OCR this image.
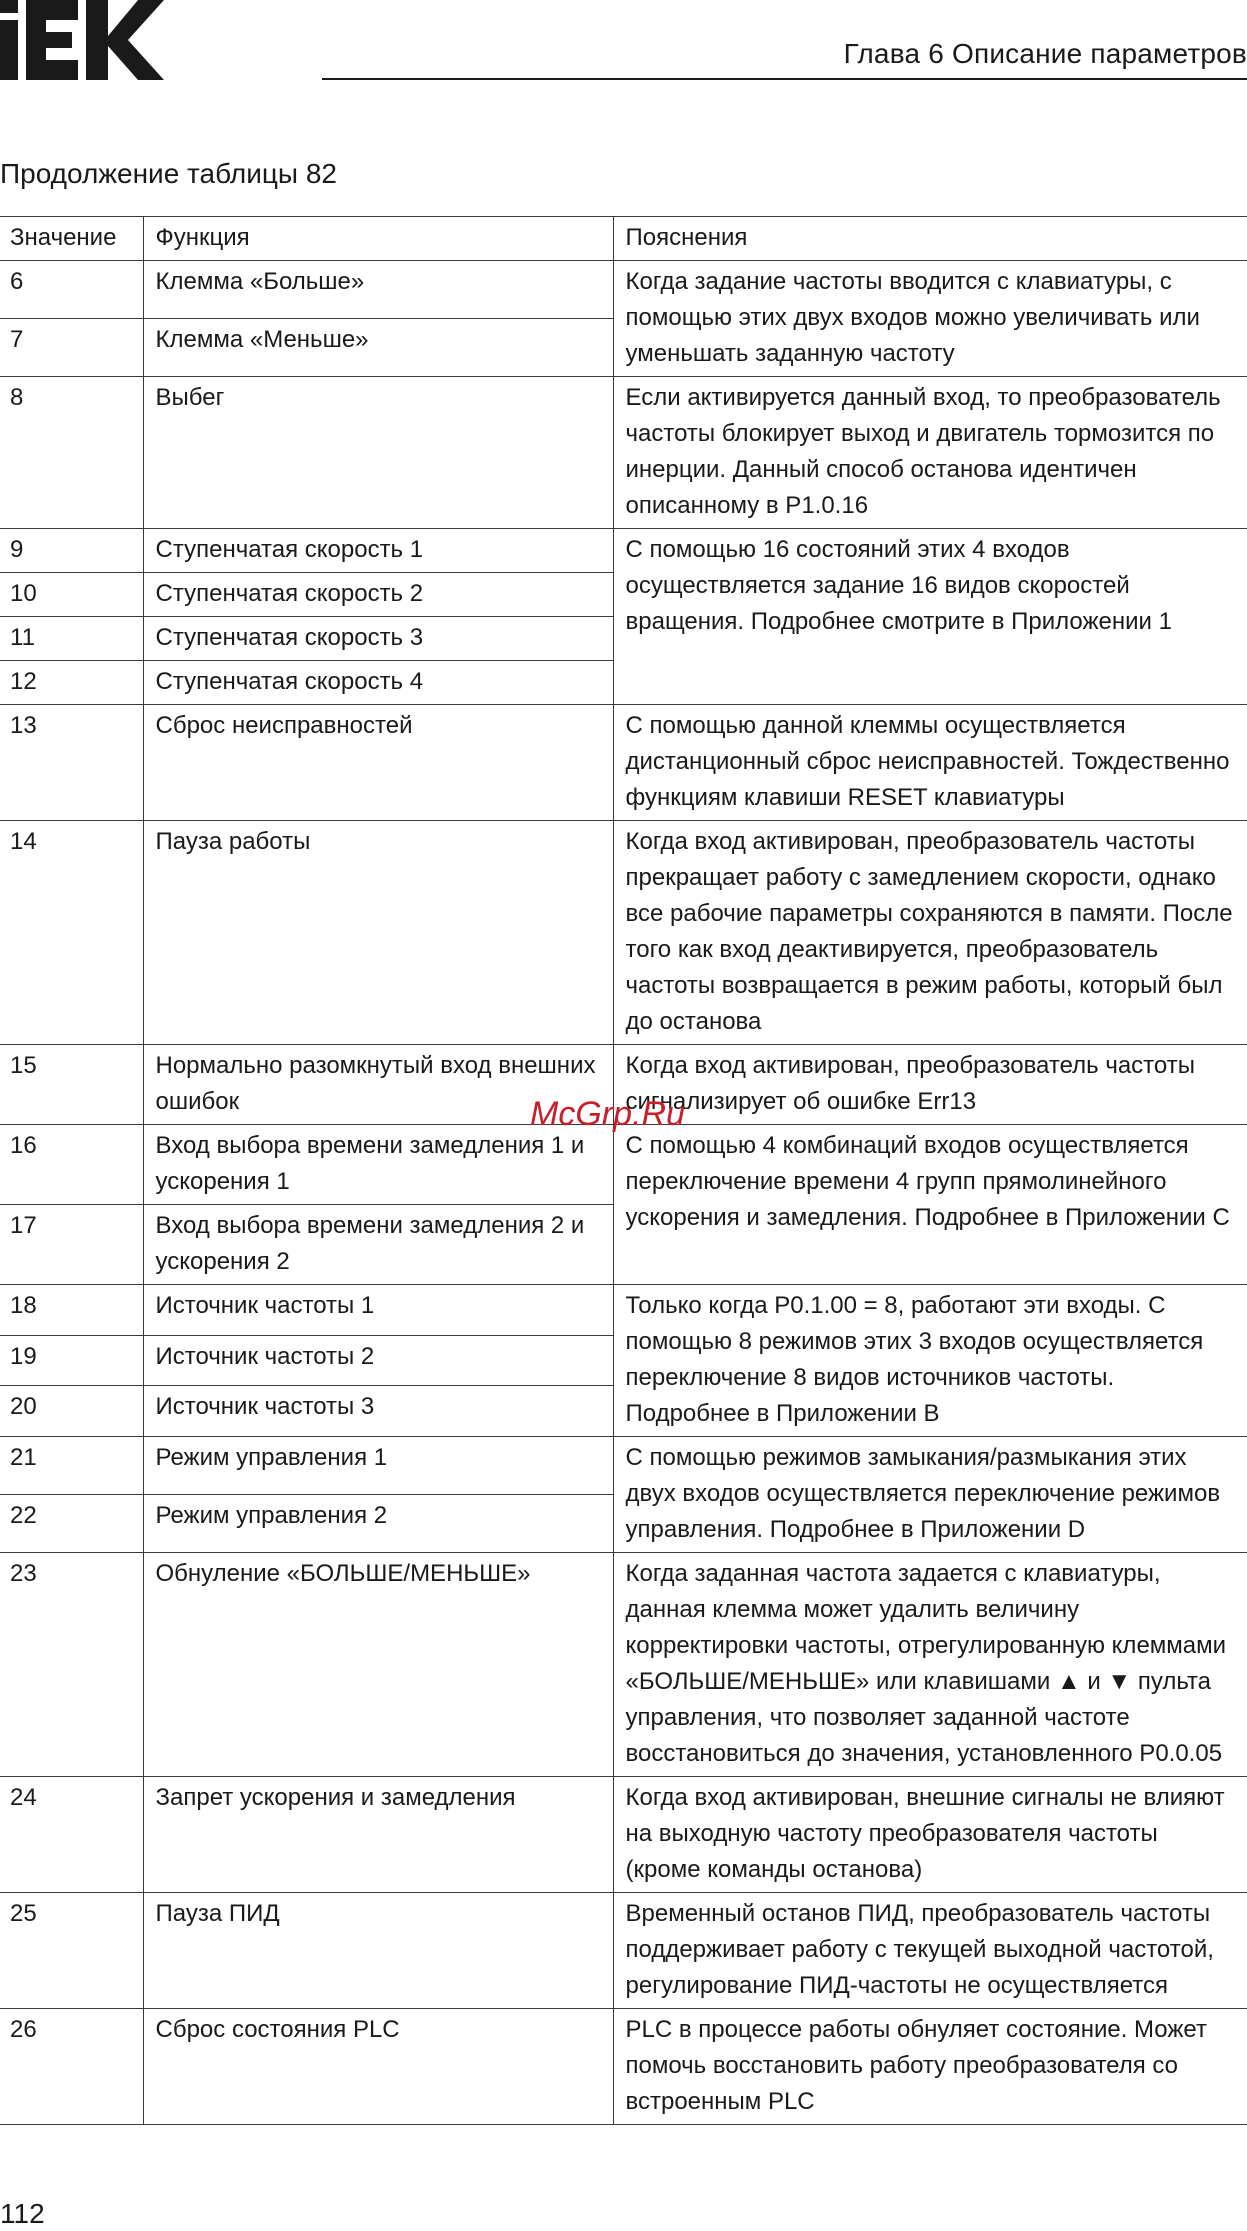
Глава 6 Описание параметров
Продолжение таблицы 82
Значение	Функция	Пояснения
6	Клемма «Больше»	Когда задание частоты вводится с клавиатуры, с помощью этих двух входов можно увеличивать или уменьшать заданную частоту
7	Клемма «Меньше»	
8	Выбег	Если активируется данный вход, то преобразователь частоты блокирует выход и двигатель тормозится по инерции. Данный способ останова идентичен описанному в P1.0.16
9	Ступенчатая скорость 1	С помощью 16 состояний этих 4 входов осуществляется задание 16 видов скоростей вращения. Подробнее смотрите в Приложении 1
10	Ступенчатая скорость 2	
11	Ступенчатая скорость 3	
12	Ступенчатая скорость 4	
13	Сброс неисправностей	С помощью данной клеммы осуществляется дистанционный сброс неисправностей. Тождественно функциям клавиши RESET клавиатуры
14	Пауза работы	Когда вход активирован, преобразователь частоты прекращает работу с замедлением скорости, однако все рабочие параметры сохраняются в памяти. После того как вход деактивируется, преобразователь частоты возвращается в режим работы, который был до останова
15	Нормально разомкнутый вход внешних ошибок	Когда вход активирован, преобразователь частоты сигнализирует об ошибке Err13
16	Вход выбора времени замедления 1 и ускорения 1	С помощью 4 комбинаций входов осуществляется переключение времени 4 групп прямолинейного ускорения и замедления. Подробнее в Приложении С
17	Вход выбора времени замедления 2 и ускорения 2	
18	Источник частоты 1	Только когда P0.1.00 = 8, работают эти входы. С помощью 8 режимов этих 3 входов осуществляется переключение 8 видов источников частоты. Подробнее в Приложении B
19	Источник частоты 2	
20	Источник частоты 3	
21	Режим управления 1	С помощью режимов замыкания/размыкания этих двух входов осуществляется переключение режимов управления. Подробнее в Приложении D
22	Режим управления 2	
23	Обнуление «БОЛЬШЕ/МЕНЬШЕ»	Когда заданная частота задается с клавиатуры, данная клемма может удалить величину корректировки частоты, отрегулированную клеммами «БОЛЬШЕ/МЕНЬШЕ» или клавишами ▲ и ▼ пульта управления, что позволяет заданной частоте восстановиться до значения, установленного P0.0.05
24	Запрет ускорения и замедления	Когда вход активирован, внешние сигналы не влияют на выходную частоту преобразователя частоты (кроме команды останова)
25	Пауза ПИД	Временный останов ПИД, преобразователь частоты поддерживает работу с текущей выходной частотой, регулирование ПИД-частоты не осуществляется
26	Сброс состояния PLC	PLC в процессе работы обнуляет состояние. Может помочь восстановить работу преобразователя со встроенным PLC
McGrp.Ru
112
